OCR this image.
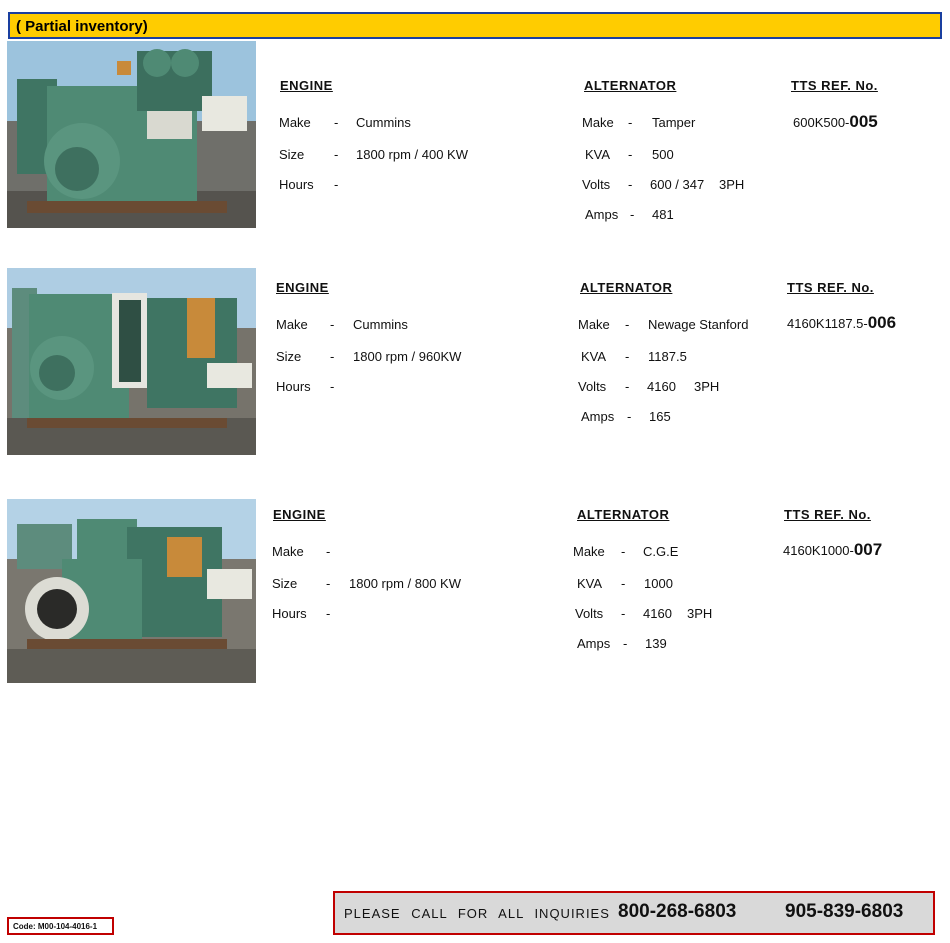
( Partial inventory)
ENGINE	ALTERNATOR	TTS REF. No.
Make - Cummins
Size - 1800 rpm / 400 KW
Hours -
Make - Tamper
KVA - 500
Volts - 600 / 347 3PH
Amps - 481
600K500-005
ENGINE	ALTERNATOR	TTS REF. No.
Make - Cummins
Size - 1800 rpm / 960KW
Hours -
Make - Newage Stanford
KVA - 1187.5
Volts - 4160 3PH
Amps - 165
4160K1187.5-006
ENGINE	ALTERNATOR	TTS REF. No.
Make -
Size - 1800 rpm / 800 KW
Hours -
Make - C.G.E
KVA - 1000
Volts - 4160 3PH
Amps - 139
4160K1000-007
PLEASE CALL FOR ALL INQUIRIES 800-268-6803	905-839-6803
Code: M00-104-4016-1
